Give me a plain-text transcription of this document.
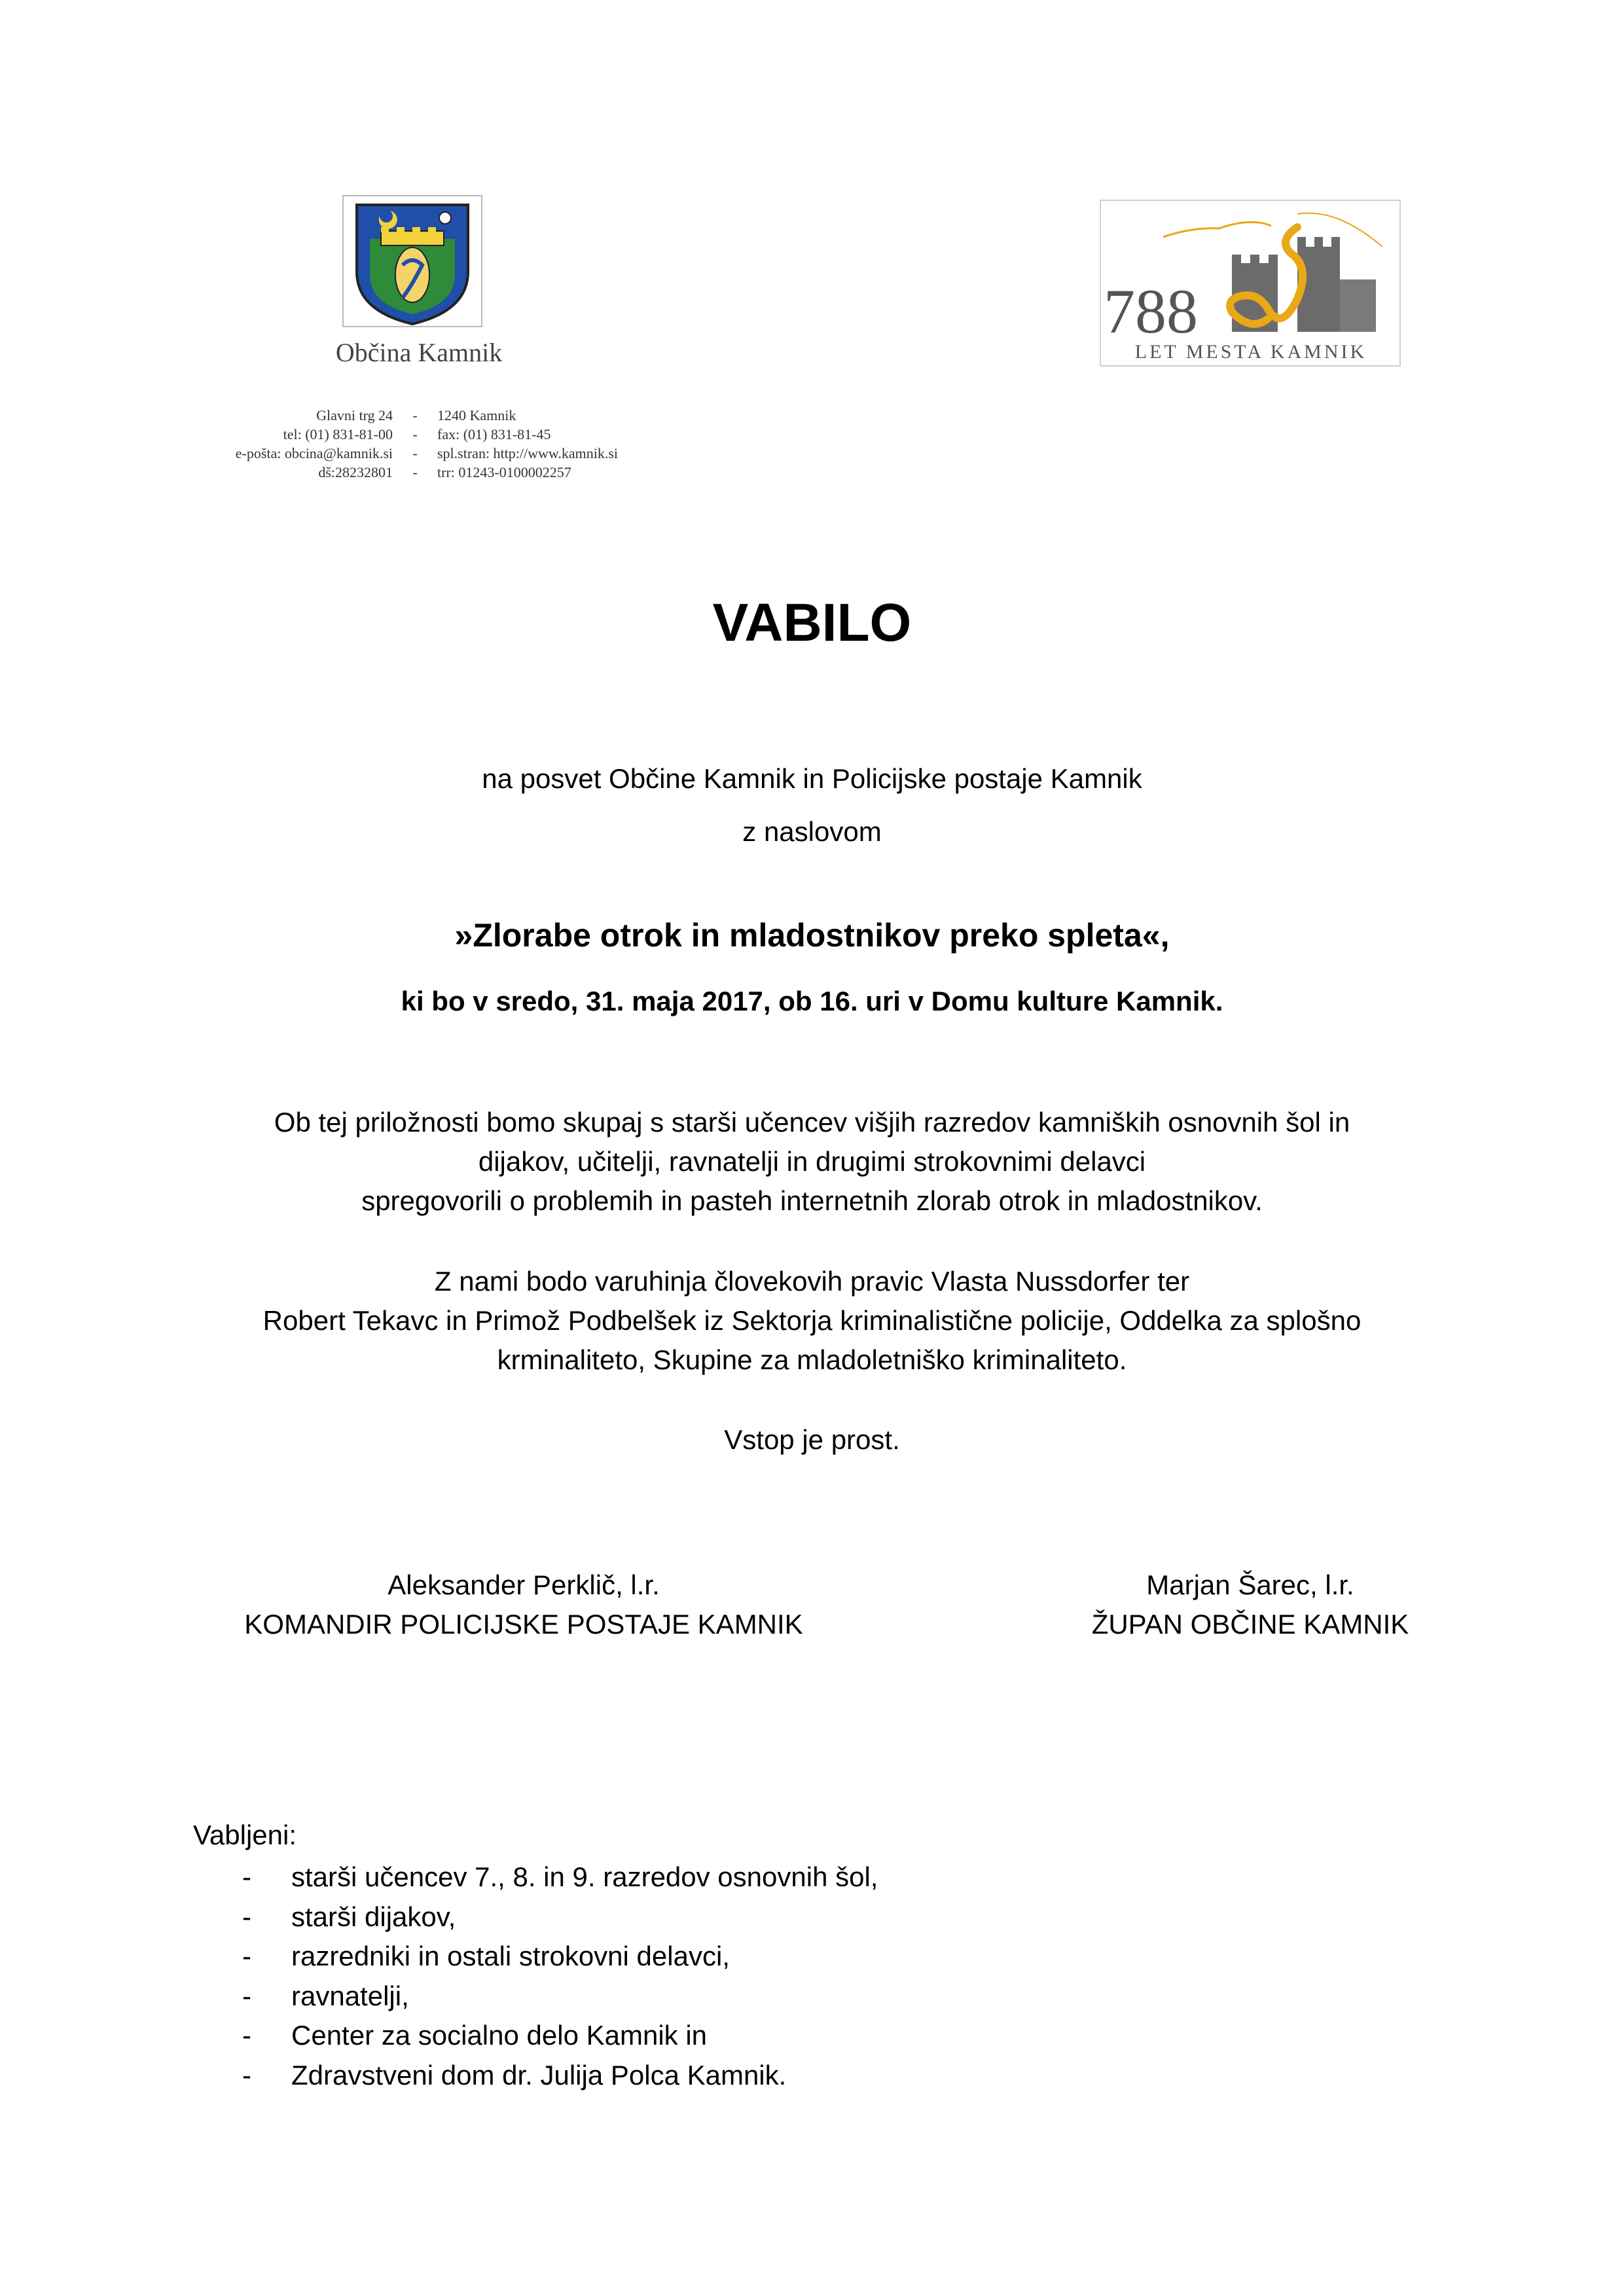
Občina Kamnik
Glavni trg 24
tel: (01) 831-81-00
e-pošta: obcina@kamnik.si
dš:28232801
-
-
-
-
1240 Kamnik
fax: (01) 831-81-45
spl.stran: http://www.kamnik.si
trr: 01243-0100002257
788
LET MESTA KAMNIK
VABILO
na posvet Občine Kamnik in Policijske postaje Kamnik
z naslovom
»Zlorabe otrok in mladostnikov preko spleta«,
ki bo v sredo, 31. maja 2017, ob 16. uri v Domu kulture Kamnik.
Ob tej priložnosti bomo skupaj s starši učencev višjih razredov kamniških osnovnih šol in
dijakov, učitelji, ravnatelji in drugimi strokovnimi delavci
spregovorili o problemih in pasteh internetnih zlorab otrok in mladostnikov.
Z nami bodo varuhinja človekovih pravic Vlasta Nussdorfer ter
Robert Tekavc in Primož Podbelšek iz Sektorja kriminalistične policije, Oddelka za splošno
krminaliteto, Skupine za mladoletniško kriminaliteto.
Vstop je prost.
Aleksander Perklič, l.r.
KOMANDIR POLICIJSKE POSTAJE KAMNIK
Marjan Šarec, l.r.
ŽUPAN OBČINE KAMNIK
Vabljeni:
- starši učencev 7., 8. in 9. razredov osnovnih šol,
- starši dijakov,
- razredniki in ostali strokovni delavci,
- ravnatelji,
- Center za socialno delo Kamnik in
- Zdravstveni dom dr. Julija Polca Kamnik.
